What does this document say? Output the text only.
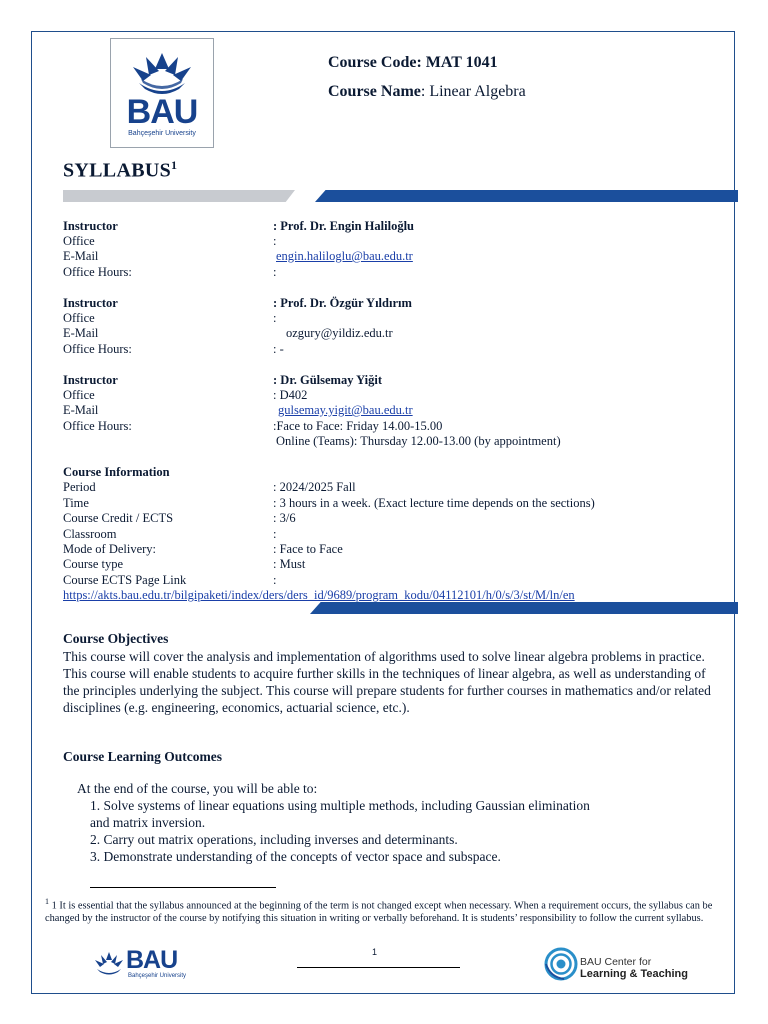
BAU
Bahçeşehir University
Course Code: MAT 1041
Course Name: Linear Algebra
SYLLABUS$^1$
Instructor	: Prof. Dr. Engin Haliloğlu
Office	:
E-Mail	engin.haliloglu@bau.edu.tr
Office Hours:	:
Instructor	: Prof. Dr. Özgür Yıldırım
Office	:
E-Mail	ozgury@yildiz.edu.tr
Office Hours:	: -
Instructor	: Dr. Gülsemay Yiğit
Office	: D402
E-Mail	gulsemay.yigit@bau.edu.tr
Office Hours:	:Face to Face: Friday 14.00-15.00
Online (Teams): Thursday 12.00-13.00 (by appointment)
Course Information
Period	: 2024/2025 Fall
Time	: 3 hours in a week. (Exact lecture time depends on the sections)
Course Credit / ECTS	: 3/6
Classroom	:
Mode of Delivery:	: Face to Face
Course type	: Must
Course ECTS Page Link	:
https://akts.bau.edu.tr/bilgipaketi/index/ders/ders_id/9689/program_kodu/04112101/h/0/s/3/st/M/ln/en
Course Objectives
This course will cover the analysis and implementation of algorithms used to solve linear algebra problems in practice. This course will enable students to acquire further skills in the techniques of linear algebra, as well as understanding of the principles underlying the subject. This course will prepare students for further courses in mathematics and/or related disciplines (e.g. engineering, economics, actuarial science, etc.).
Course Learning Outcomes
At the end of the course, you will be able to:
1. Solve systems of linear equations using multiple methods, including Gaussian elimination
and matrix inversion.
2. Carry out matrix operations, including inverses and determinants.
3. Demonstrate understanding of the concepts of vector space and subspace.
$^1$ 1 It is essential that the syllabus announced at the beginning of the term is not changed except when necessary. When a requirement occurs, the syllabus can be changed by the instructor of the course by notifying this situation in writing or verbally beforehand. It is students’ responsibility to follow the current syllabus.
BAU
Bahçeşehir University
1
BAU Center for
Learning & Teaching
